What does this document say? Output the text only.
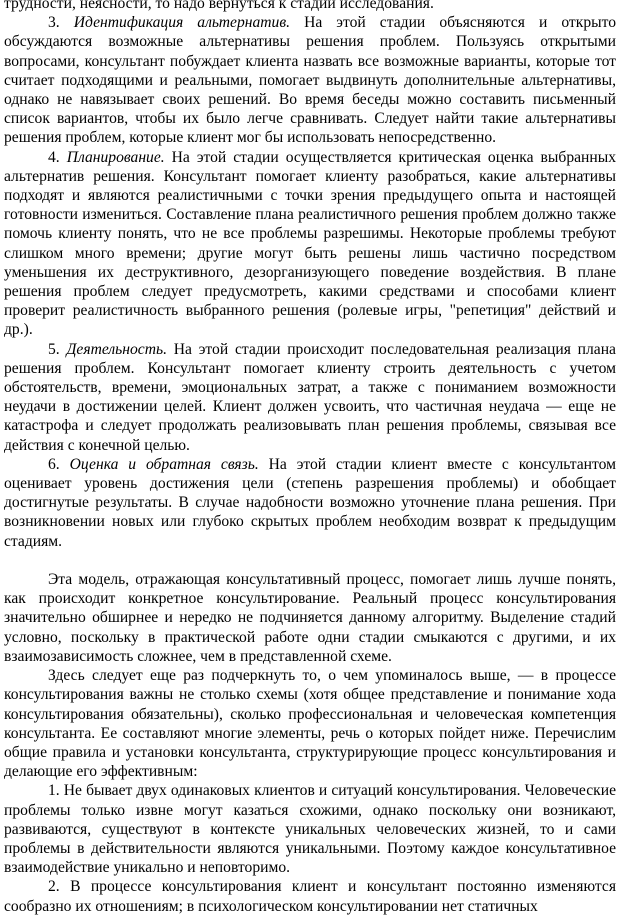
трудности, неясности, то надо вернуться к стадии исследования.

3. Идентификация альтернатив. На этой стадии объясняются и открыто обсуждаются возможные альтернативы решения проблем. Пользуясь открытыми вопросами, консультант побуждает клиента назвать все возможные варианты, которые тот считает подходящими и реальными, помогает выдвинуть дополнительные альтернативы, однако не навязывает своих решений. Во время беседы можно составить письменный список вариантов, чтобы их было легче сравнивать. Следует найти такие альтернативы решения проблем, которые клиент мог бы использовать непосредственно.

4. Планирование. На этой стадии осуществляется критическая оценка выбранных альтернатив решения. Консультант помогает клиенту разобраться, какие альтернативы подходят и являются реалистичными с точки зрения предыдущего опыта и настоящей готовности измениться. Составление плана реалистичного решения проблем должно также помочь клиенту понять, что не все проблемы разрешимы. Некоторые проблемы требуют слишком много времени; другие могут быть решены лишь частично посредством уменьшения их деструктивного, дезорганизующего поведение воздействия. В плане решения проблем следует предусмотреть, какими средствами и способами клиент проверит реалистичность выбранного решения (ролевые игры, "репетиция" действий и др.).

5. Деятельность. На этой стадии происходит последовательная реализация плана решения проблем. Консультант помогает клиенту строить деятельность с учетом обстоятельств, времени, эмоциональных затрат, а также с пониманием возможности неудачи в достижении целей. Клиент должен усвоить, что частичная неудача — еще не катастрофа и следует продолжать реализовывать план решения проблемы, связывая все действия с конечной целью.

6. Оценка и обратная связь. На этой стадии клиент вместе с консультантом оценивает уровень достижения цели (степень разрешения проблемы) и обобщает достигнутые результаты. В случае надобности возможно уточнение плана решения. При возникновении новых или глубоко скрытых проблем необходим возврат к предыдущим стадиям.

Эта модель, отражающая консультативный процесс, помогает лишь лучше понять, как происходит конкретное консультирование. Реальный процесс консультирования значительно обширнее и нередко не подчиняется данному алгоритму. Выделение стадий условно, поскольку в практической работе одни стадии смыкаются с другими, и их взаимозависимость сложнее, чем в представленной схеме.

Здесь следует еще раз подчеркнуть то, о чем упоминалось выше, — в процессе консультирования важны не столько схемы (хотя общее представление и понимание хода консультирования обязательны), сколько профессиональная и человеческая компетенция консультанта. Ее составляют многие элементы, речь о которых пойдет ниже. Перечислим общие правила и установки консультанта, структурирующие процесс консультирования и делающие его эффективным:

1. Не бывает двух одинаковых клиентов и ситуаций консультирования. Человеческие проблемы только извне могут казаться схожими, однако поскольку они возникают, развиваются, существуют в контексте уникальных человеческих жизней, то и сами проблемы в действительности являются уникальными. Поэтому каждое консультативное взаимодействие уникально и неповторимо.

2. В процессе консультирования клиент и консультант постоянно изменяются сообразно их отношениям; в психологическом консультировании нет статичных
